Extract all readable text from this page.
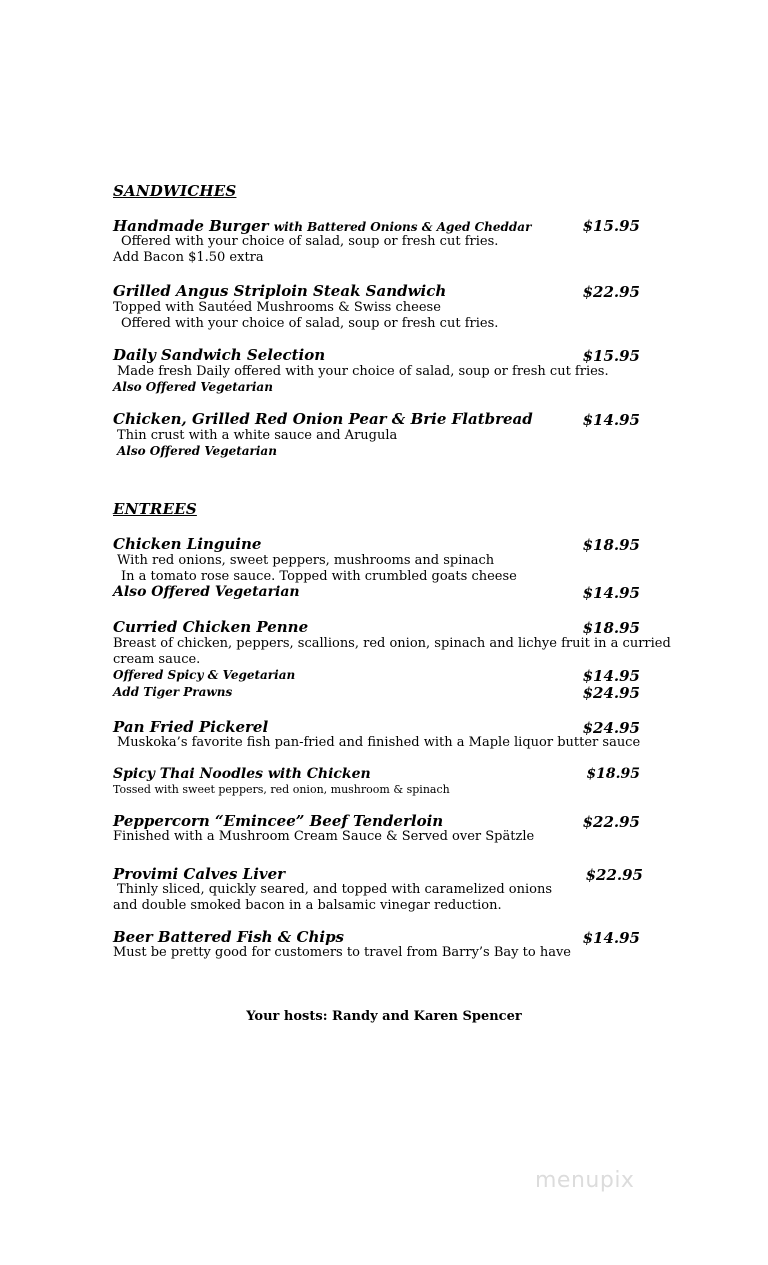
SANDWICHES
Handmade Burger with Battered Onions & Aged Cheddar	$15.95
Offered with your choice of salad, soup or fresh cut fries.
Add Bacon $1.50 extra
Grilled Angus Striploin Steak Sandwich	$22.95
Topped with Sautéed Mushrooms & Swiss cheese
Offered with your choice of salad, soup or fresh cut fries.
Daily Sandwich Selection	$15.95
Made fresh Daily offered with your choice of salad, soup or fresh cut fries.
Also Offered Vegetarian
Chicken, Grilled Red Onion Pear & Brie Flatbread	$14.95
Thin crust with a white sauce and Arugula
Also Offered Vegetarian
ENTREES
Chicken Linguine	$18.95
With red onions, sweet peppers, mushrooms and spinach
In a tomato rose sauce. Topped with crumbled goats cheese
Also Offered Vegetarian	$14.95
Curried Chicken Penne	$18.95
Breast of chicken, peppers, scallions, red onion, spinach and lichye fruit in a curried
cream sauce.
Offered Spicy & Vegetarian	$14.95
Add Tiger Prawns	$24.95
Pan Fried Pickerel	$24.95
Muskoka’s favorite fish pan-fried and finished with a Maple liquor butter sauce
Spicy Thai Noodles with Chicken	$18.95
Tossed with sweet peppers, red onion, mushroom & spinach
Peppercorn “Emincee” Beef Tenderloin	$22.95
Finished with a Mushroom Cream Sauce & Served over Spätzle
Provimi Calves Liver	$22.95
Thinly sliced, quickly seared, and topped with caramelized onions
and double smoked bacon in a balsamic vinegar reduction.
Beer Battered Fish & Chips	$14.95
Must be pretty good for customers to travel from Barry’s Bay to have
Your hosts: Randy and Karen Spencer
menupix
